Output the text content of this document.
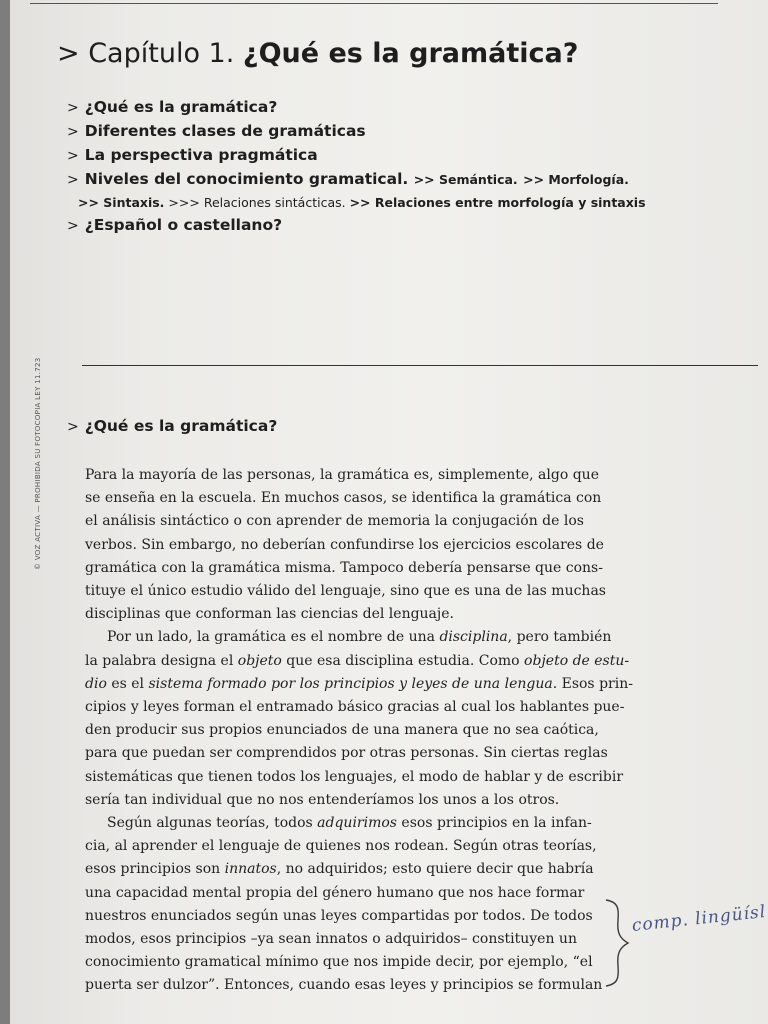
© VOZ ACTIVA — PROHIBIDA SU FOTOCOPIA LEY 11.723
> Capítulo 1. ¿Qué es la gramática?
> ¿Qué es la gramática?
> Diferentes clases de gramáticas
> La perspectiva pragmática
> Niveles del conocimiento gramatical. >> Semántica. >> Morfología.
>> Sintaxis. >>> Relaciones sintácticas. >> Relaciones entre morfología y sintaxis
> ¿Español o castellano?
> ¿Qué es la gramática?
Para la mayoría de las personas, la gramática es, simplemente, algo que
se enseña en la escuela. En muchos casos, se identifica la gramática con
el análisis sintáctico o con aprender de memoria la conjugación de los
verbos. Sin embargo, no deberían confundirse los ejercicios escolares de
gramática con la gramática misma. Tampoco debería pensarse que cons-
tituye el único estudio válido del lenguaje, sino que es una de las muchas
disciplinas que conforman las ciencias del lenguaje.
Por un lado, la gramática es el nombre de una disciplina, pero también
la palabra designa el objeto que esa disciplina estudia. Como objeto de estu-
dio es el sistema formado por los principios y leyes de una lengua. Esos prin-
cipios y leyes forman el entramado básico gracias al cual los hablantes pue-
den producir sus propios enunciados de una manera que no sea caótica,
para que puedan ser comprendidos por otras personas. Sin ciertas reglas
sistemáticas que tienen todos los lenguajes, el modo de hablar y de escribir
sería tan individual que no nos entenderíamos los unos a los otros.
Según algunas teorías, todos adquirimos esos principios en la infan-
cia, al aprender el lenguaje de quienes nos rodean. Según otras teorías,
esos principios son innatos, no adquiridos; esto quiere decir que habría
una capacidad mental propia del género humano que nos hace formar
nuestros enunciados según unas leyes compartidas por todos. De todos
modos, esos principios –ya sean innatos o adquiridos– constituyen un
conocimiento gramatical mínimo que nos impide decir, por ejemplo, “el
puerta ser dulzor”. Entonces, cuando esas leyes y principios se formulan
comp. lingüísl
